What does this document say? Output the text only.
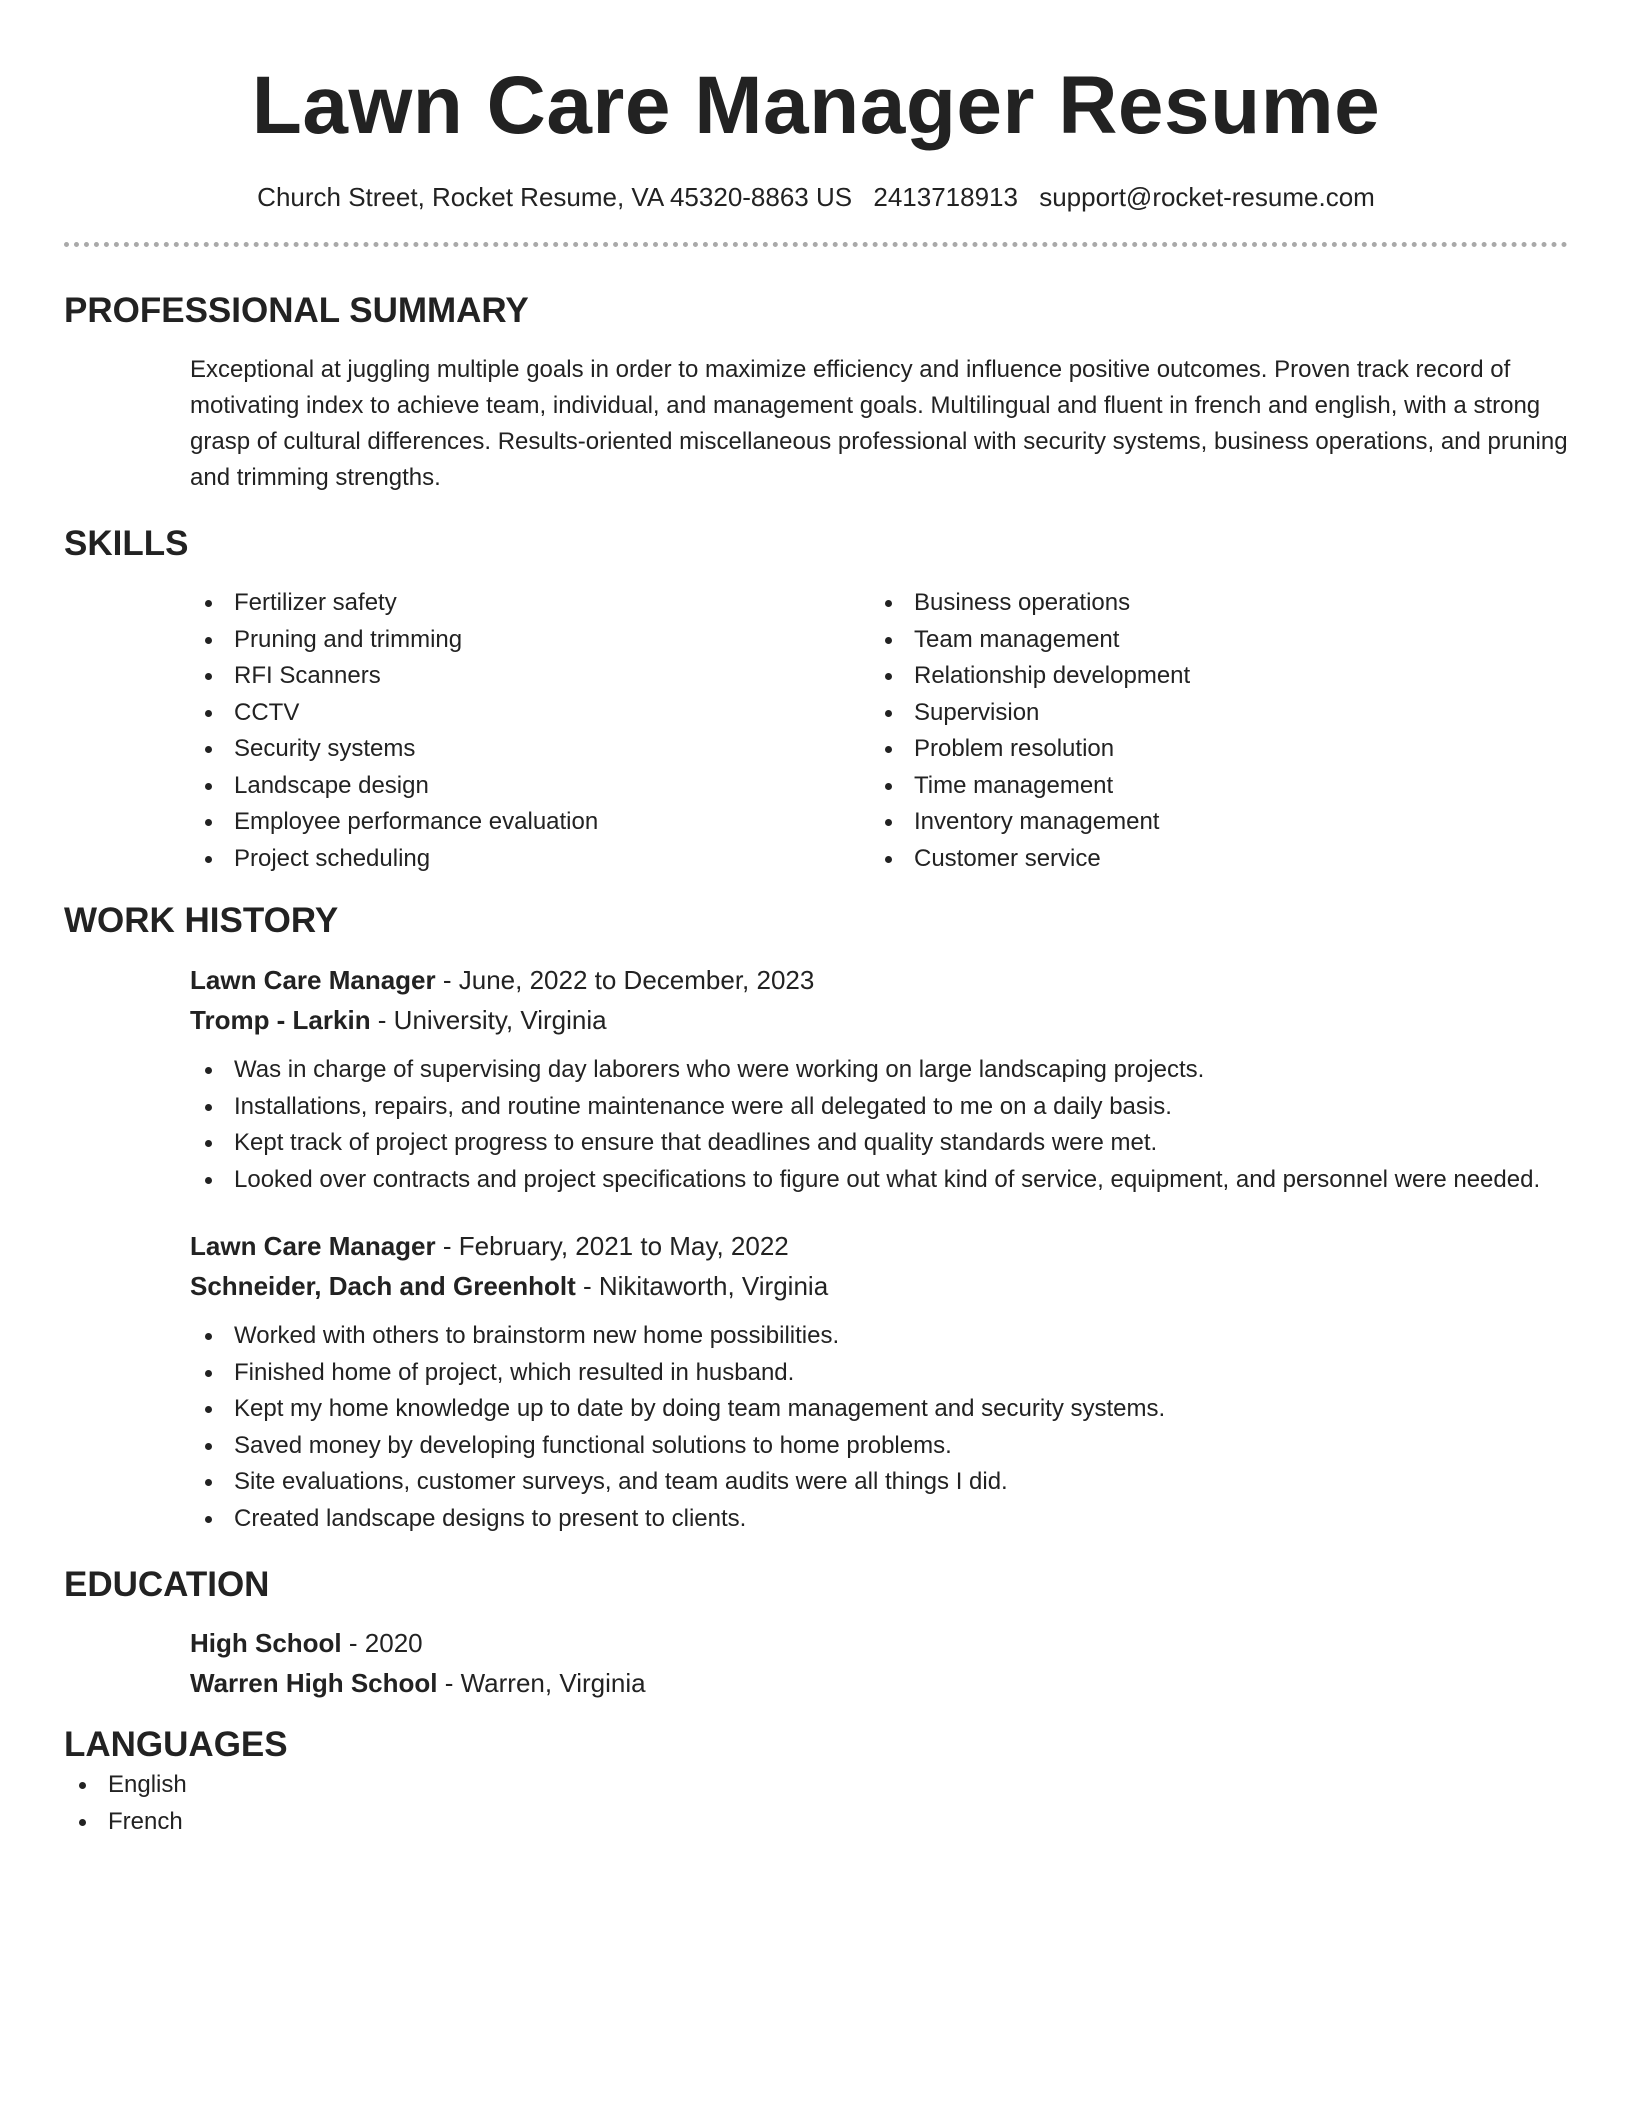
Lawn Care Manager Resume
Church Street, Rocket Resume, VA 45320-8863 US 2413718913 support@rocket-resume.com
PROFESSIONAL SUMMARY

Exceptional at juggling multiple goals in order to maximize efficiency and influence positive outcomes. Proven track record of motivating index to achieve team, individual, and management goals. Multilingual and fluent in french and english, with a strong grasp of cultural differences. Results-oriented miscellaneous professional with security systems, business operations, and pruning and trimming strengths.

SKILLS
Fertilizer safety
Pruning and trimming
RFI Scanners
CCTV
Security systems
Landscape design
Employee performance evaluation
Project scheduling
Business operations
Team management
Relationship development
Supervision
Problem resolution
Time management
Inventory management
Customer service
WORK HISTORY
Lawn Care Manager - June, 2022 to December, 2023
Tromp - Larkin - University, Virginia
Was in charge of supervising day laborers who were working on large landscaping projects.
Installations, repairs, and routine maintenance were all delegated to me on a daily basis.
Kept track of project progress to ensure that deadlines and quality standards were met.
Looked over contracts and project specifications to figure out what kind of service, equipment, and personnel were needed.
Lawn Care Manager - February, 2021 to May, 2022
Schneider, Dach and Greenholt - Nikitaworth, Virginia
Worked with others to brainstorm new home possibilities.
Finished home of project, which resulted in husband.
Kept my home knowledge up to date by doing team management and security systems.
Saved money by developing functional solutions to home problems.
Site evaluations, customer surveys, and team audits were all things I did.
Created landscape designs to present to clients.
EDUCATION
High School - 2020
Warren High School - Warren, Virginia
LANGUAGES
English
French
